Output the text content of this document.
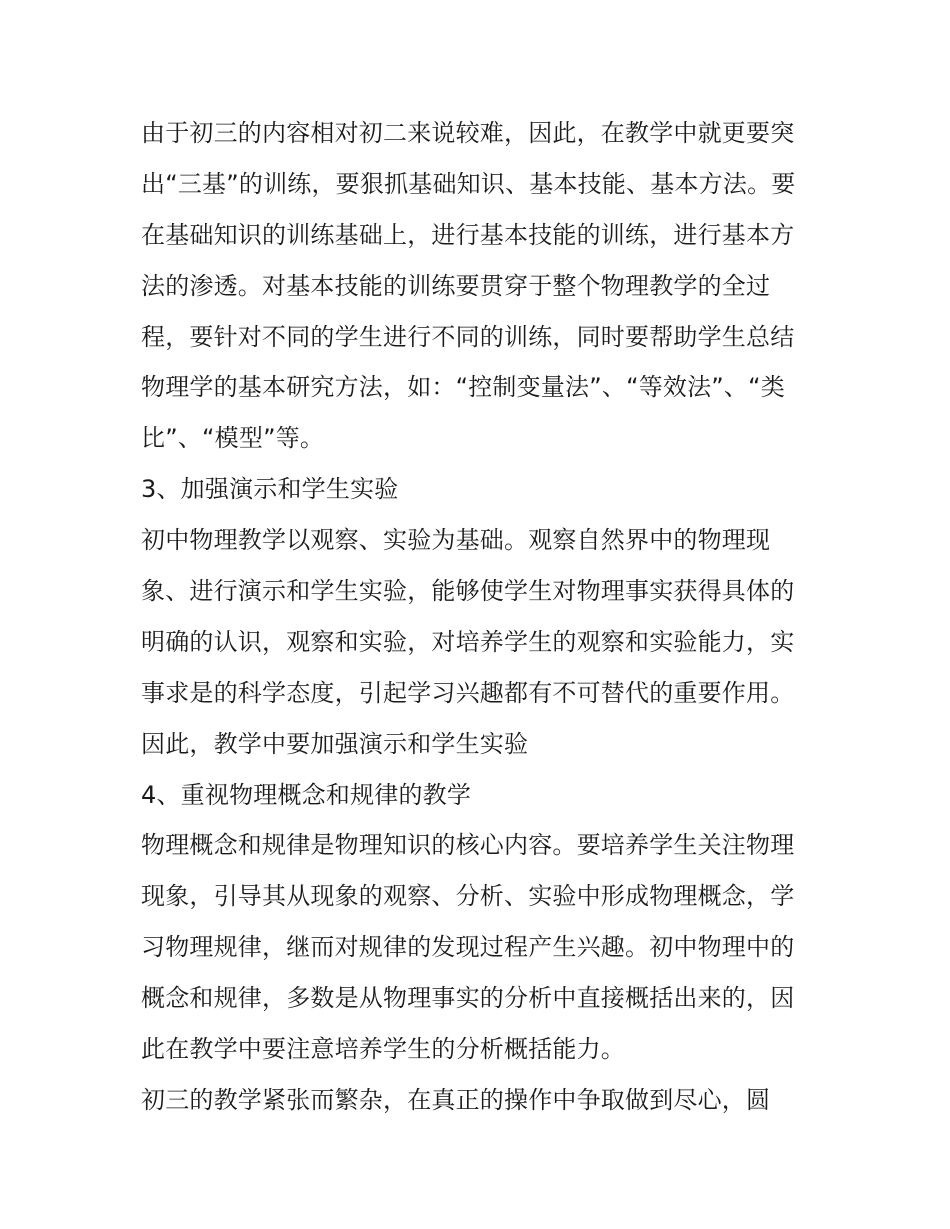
由于初三的内容相对初二来说较难，因此，在教学中就更要突
出“三基”的训练，要狠抓基础知识、基本技能、基本方法。要
在基础知识的训练基础上，进行基本技能的训练，进行基本方
法的渗透。对基本技能的训练要贯穿于整个物理教学的全过
程，要针对不同的学生进行不同的训练，同时要帮助学生总结
物理学的基本研究方法，如：“控制变量法”、“等效法”、“类
比”、“模型”等。
3、加强演示和学生实验
初中物理教学以观察、实验为基础。观察自然界中的物理现
象、进行演示和学生实验，能够使学生对物理事实获得具体的
明确的认识，观察和实验，对培养学生的观察和实验能力，实
事求是的科学态度，引起学习兴趣都有不可替代的重要作用。
因此，教学中要加强演示和学生实验
4、重视物理概念和规律的教学
物理概念和规律是物理知识的核心内容。要培养学生关注物理
现象，引导其从现象的观察、分析、实验中形成物理概念，学
习物理规律，继而对规律的发现过程产生兴趣。初中物理中的
概念和规律，多数是从物理事实的分析中直接概括出来的，因
此在教学中要注意培养学生的分析概括能力。
初三的教学紧张而繁杂，在真正的操作中争取做到尽心，圆
